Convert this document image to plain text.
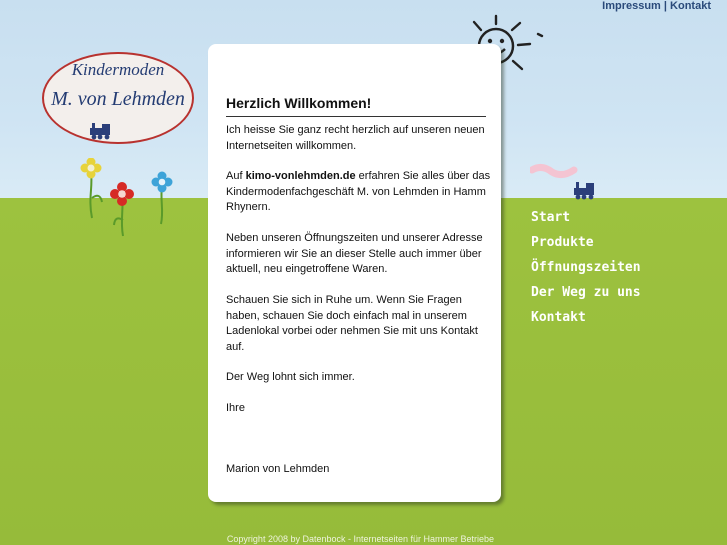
Impressum | Kontakt
Kindermoden
M. von Lehmden	Herzlich Willkommen!
Ich heisse Sie ganz recht herzlich auf unseren neuen Internetseiten willkommen.
Auf kimo-vonlehmden.de erfahren Sie alles über das Kindermodenfachgeschäft M. von Lehmden in Hamm Rhynern.
Neben unseren Öffnungszeiten und unserer Adresse informieren wir Sie an dieser Stelle auch immer über aktuell, neu eingetroffene Waren.
Schauen Sie sich in Ruhe um. Wenn Sie Fragen haben, schauen Sie doch einfach mal in unserem Ladenlokal vorbei oder nehmen Sie mit uns Kontakt auf.
Der Weg lohnt sich immer.
Ihre
Marion von Lehmden
Start
Produkte
Öffnungszeiten
Der Weg zu uns
Kontakt
Copyright 2008 by Datenbock - Internetseiten für Hammer Betriebe
